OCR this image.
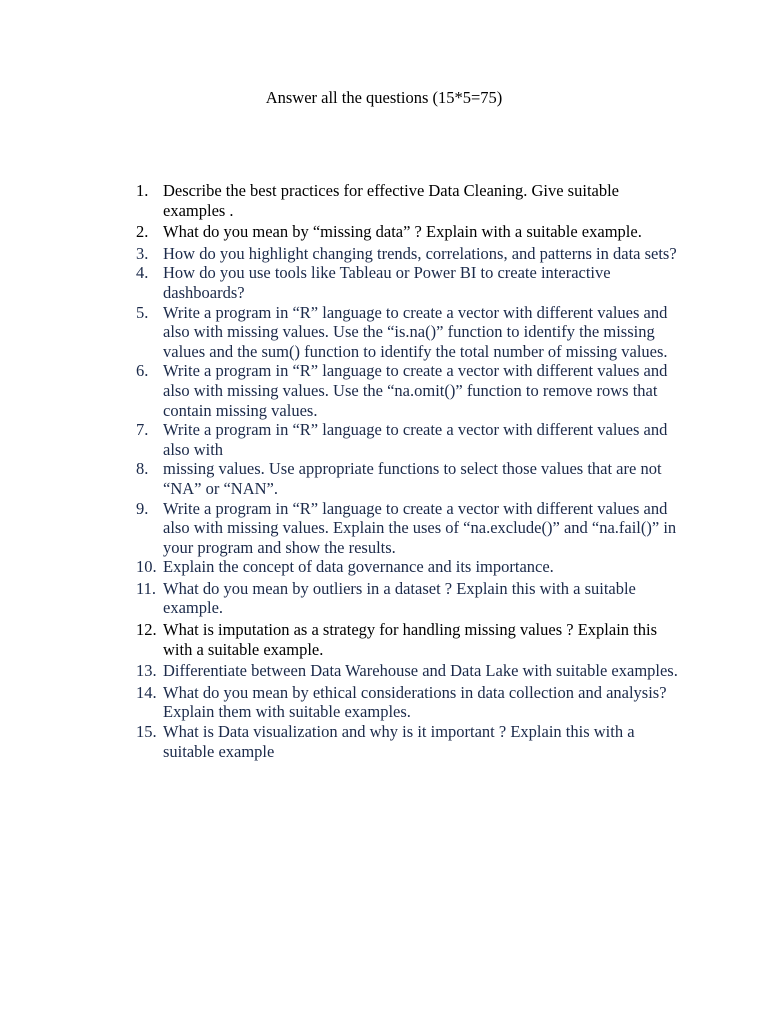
Answer all the questions (15*5=75)
1. Describe the best practices for effective Data Cleaning. Give suitable examples .
2. What do you mean by “missing data” ? Explain with a suitable example.
3. How do you highlight changing trends, correlations, and patterns in data sets?
4. How do you use tools like Tableau or Power BI to create interactive dashboards?
5. Write a program in “R” language to create a vector with different values and also with missing values. Use the “is.na()” function to identify the missing values and the sum() function to identify the total number of missing values.
6. Write a program in “R” language to create a vector with different values and also with missing values. Use the “na.omit()” function to remove rows that contain missing values.
7. Write a program in “R” language to create a vector with different values and also with
8. missing values. Use appropriate functions to select those values that are not “NA” or “NAN”.
9. Write a program in “R” language to create a vector with different values and also with missing values. Explain the uses of “na.exclude()” and “na.fail()” in your program and show the results.
10. Explain the concept of data governance and its importance.
11. What do you mean by outliers in a dataset ? Explain this with a suitable example.
12. What is imputation as a strategy for handling missing values ? Explain this with a suitable example.
13. Differentiate between Data Warehouse and Data Lake with suitable examples.
14. What do you mean by ethical considerations in data collection and analysis? Explain them with suitable examples.
15. What is Data visualization and why is it important ? Explain this with a suitable example
